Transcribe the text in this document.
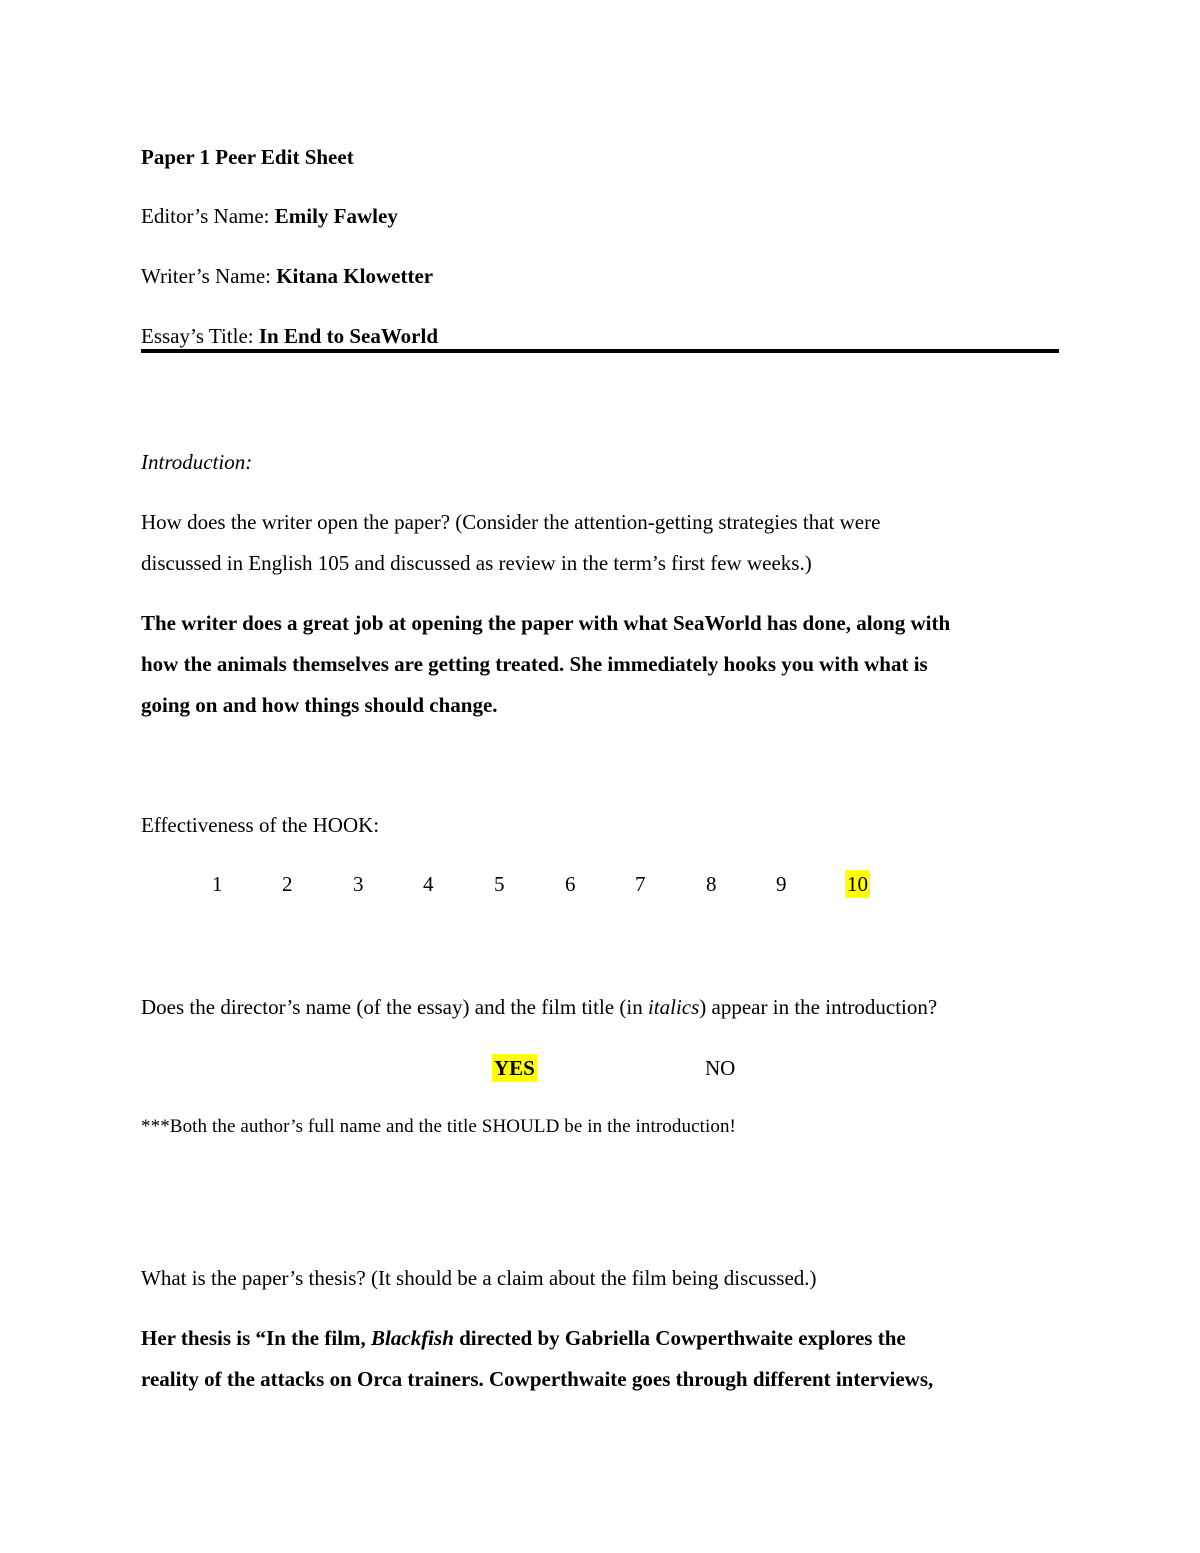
Paper 1 Peer Edit Sheet
Editor’s Name: Emily Fawley
Writer’s Name: Kitana Klowetter
Essay’s Title: In End to SeaWorld
Introduction:
How does the writer open the paper? (Consider the attention-getting strategies that were
discussed in English 105 and discussed as review in the term’s first few weeks.)
The writer does a great job at opening the paper with what SeaWorld has done, along with
how the animals themselves are getting treated. She immediately hooks you with what is
going on and how things should change.
Effectiveness of the HOOK:
1	2	3	4	5	6	7	8	9	10
Does the director’s name (of the essay) and the film title (in italics) appear in the introduction?
YES	NO
***Both the author’s full name and the title SHOULD be in the introduction!
What is the paper’s thesis? (It should be a claim about the film being discussed.)
Her thesis is “In the film, Blackfish directed by Gabriella Cowperthwaite explores the
reality of the attacks on Orca trainers. Cowperthwaite goes through different interviews,
